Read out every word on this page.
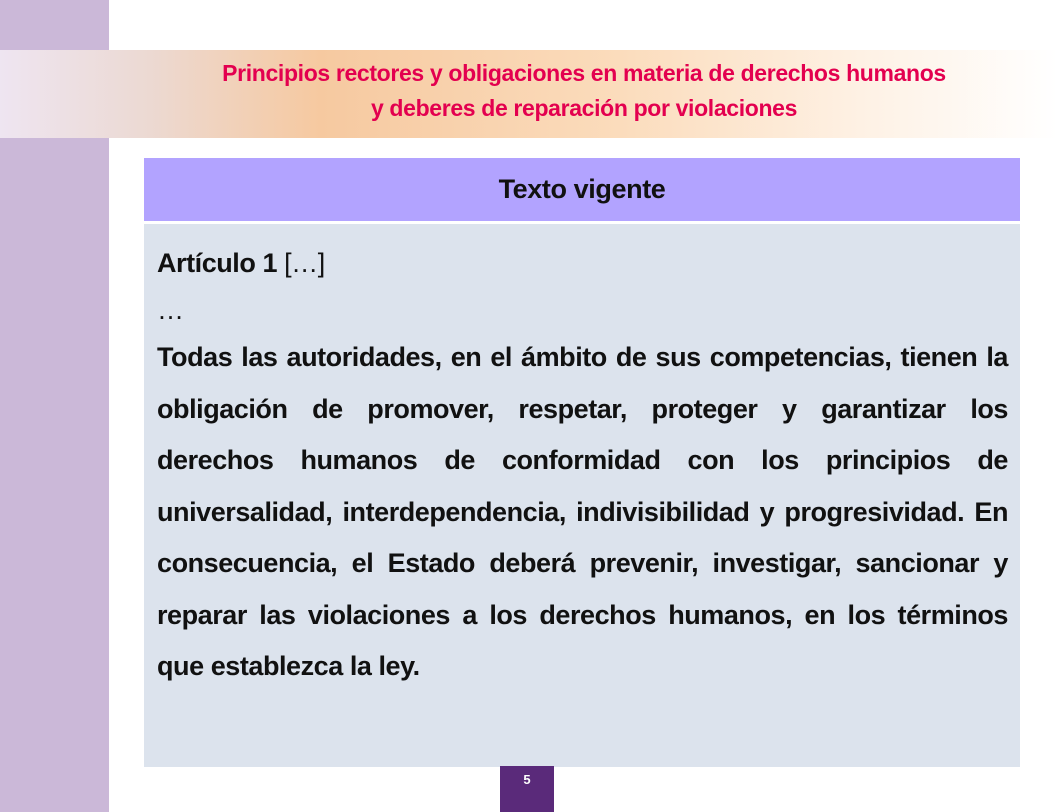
Principios rectores y obligaciones en materia de derechos humanos
y deberes de reparación por violaciones
Texto vigente
Artículo 1 […]
…

Todas las autoridades, en el ámbito de sus competencias, tienen la obligación de promover, respetar, proteger y garantizar los derechos humanos de conformidad con los principios de universalidad, interdependencia, indivisibilidad y progresividad. En consecuencia, el Estado deberá prevenir, investigar, sancionar y reparar las violaciones a los derechos humanos, en los términos que establezca la ley.

5
